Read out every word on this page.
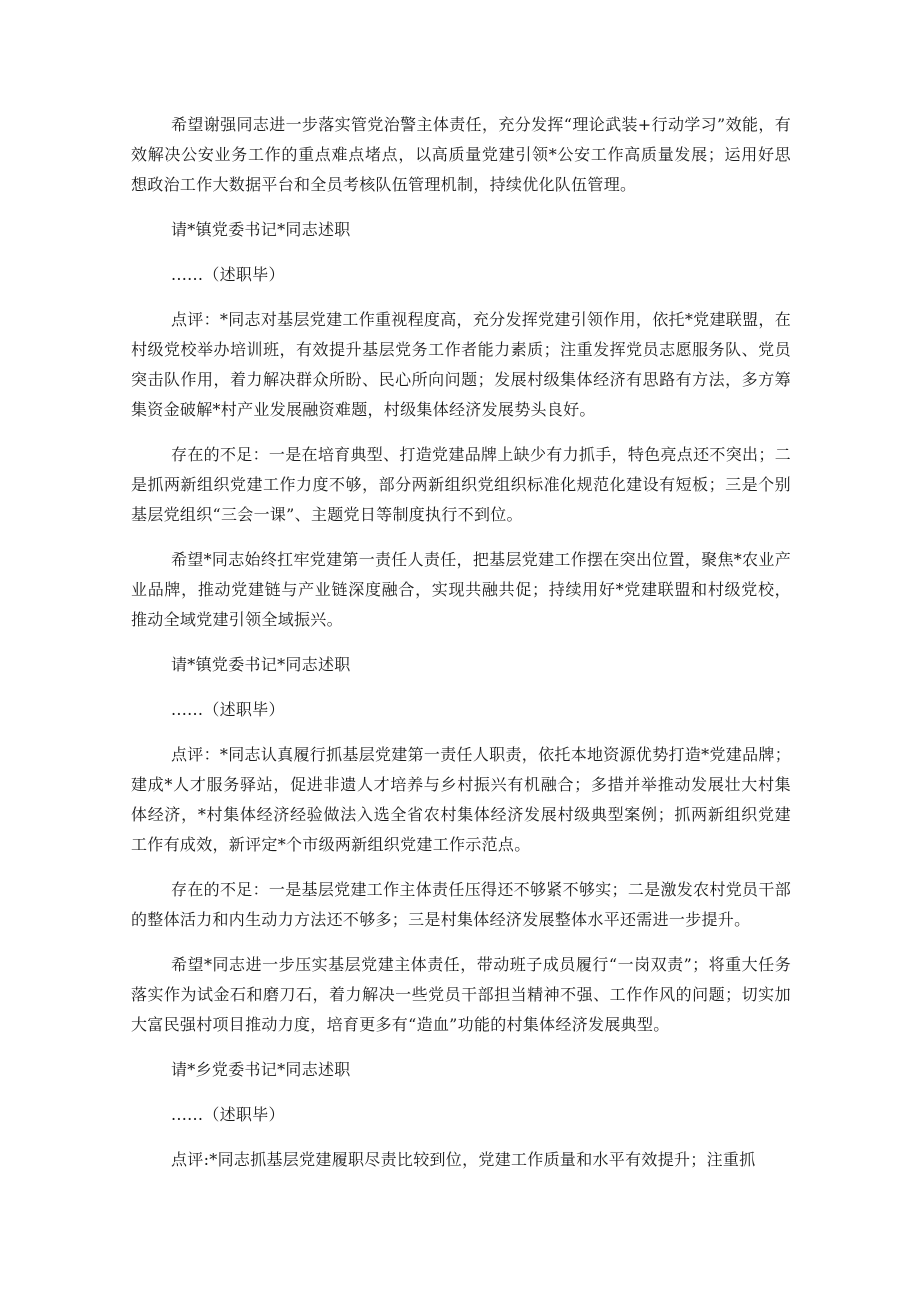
希望谢强同志进一步落实管党治警主体责任，充分发挥“理论武装+行动学习”效能，有效解决公安业务工作的重点难点堵点，以高质量党建引领*公安工作高质量发展；运用好思想政治工作大数据平台和全员考核队伍管理机制，持续优化队伍管理。

请*镇党委书记*同志述职

......（述职毕）

点评：*同志对基层党建工作重视程度高，充分发挥党建引领作用，依托*党建联盟，在村级党校举办培训班，有效提升基层党务工作者能力素质；注重发挥党员志愿服务队、党员突击队作用，着力解决群众所盼、民心所向问题；发展村级集体经济有思路有方法，多方筹集资金破解*村产业发展融资难题，村级集体经济发展势头良好。

存在的不足：一是在培育典型、打造党建品牌上缺少有力抓手，特色亮点还不突出；二是抓两新组织党建工作力度不够，部分两新组织党组织标准化规范化建设有短板；三是个别基层党组织“三会一课”、主题党日等制度执行不到位。

希望*同志始终扛牢党建第一责任人责任，把基层党建工作摆在突出位置，聚焦*农业产业品牌，推动党建链与产业链深度融合，实现共融共促；持续用好*党建联盟和村级党校，推动全域党建引领全域振兴。

请*镇党委书记*同志述职

......（述职毕）

点评：*同志认真履行抓基层党建第一责任人职责，依托本地资源优势打造*党建品牌；建成*人才服务驿站，促进非遗人才培养与乡村振兴有机融合；多措并举推动发展壮大村集体经济，*村集体经济经验做法入选全省农村集体经济发展村级典型案例；抓两新组织党建工作有成效，新评定*个市级两新组织党建工作示范点。

存在的不足：一是基层党建工作主体责任压得还不够紧不够实；二是激发农村党员干部的整体活力和内生动力方法还不够多；三是村集体经济发展整体水平还需进一步提升。

希望*同志进一步压实基层党建主体责任，带动班子成员履行“一岗双责”；将重大任务落实作为试金石和磨刀石，着力解决一些党员干部担当精神不强、工作作风的问题；切实加大富民强村项目推动力度，培育更多有“造血”功能的村集体经济发展典型。

请*乡党委书记*同志述职

......（述职毕）

点评:*同志抓基层党建履职尽责比较到位，党建工作质量和水平有效提升；注重抓
